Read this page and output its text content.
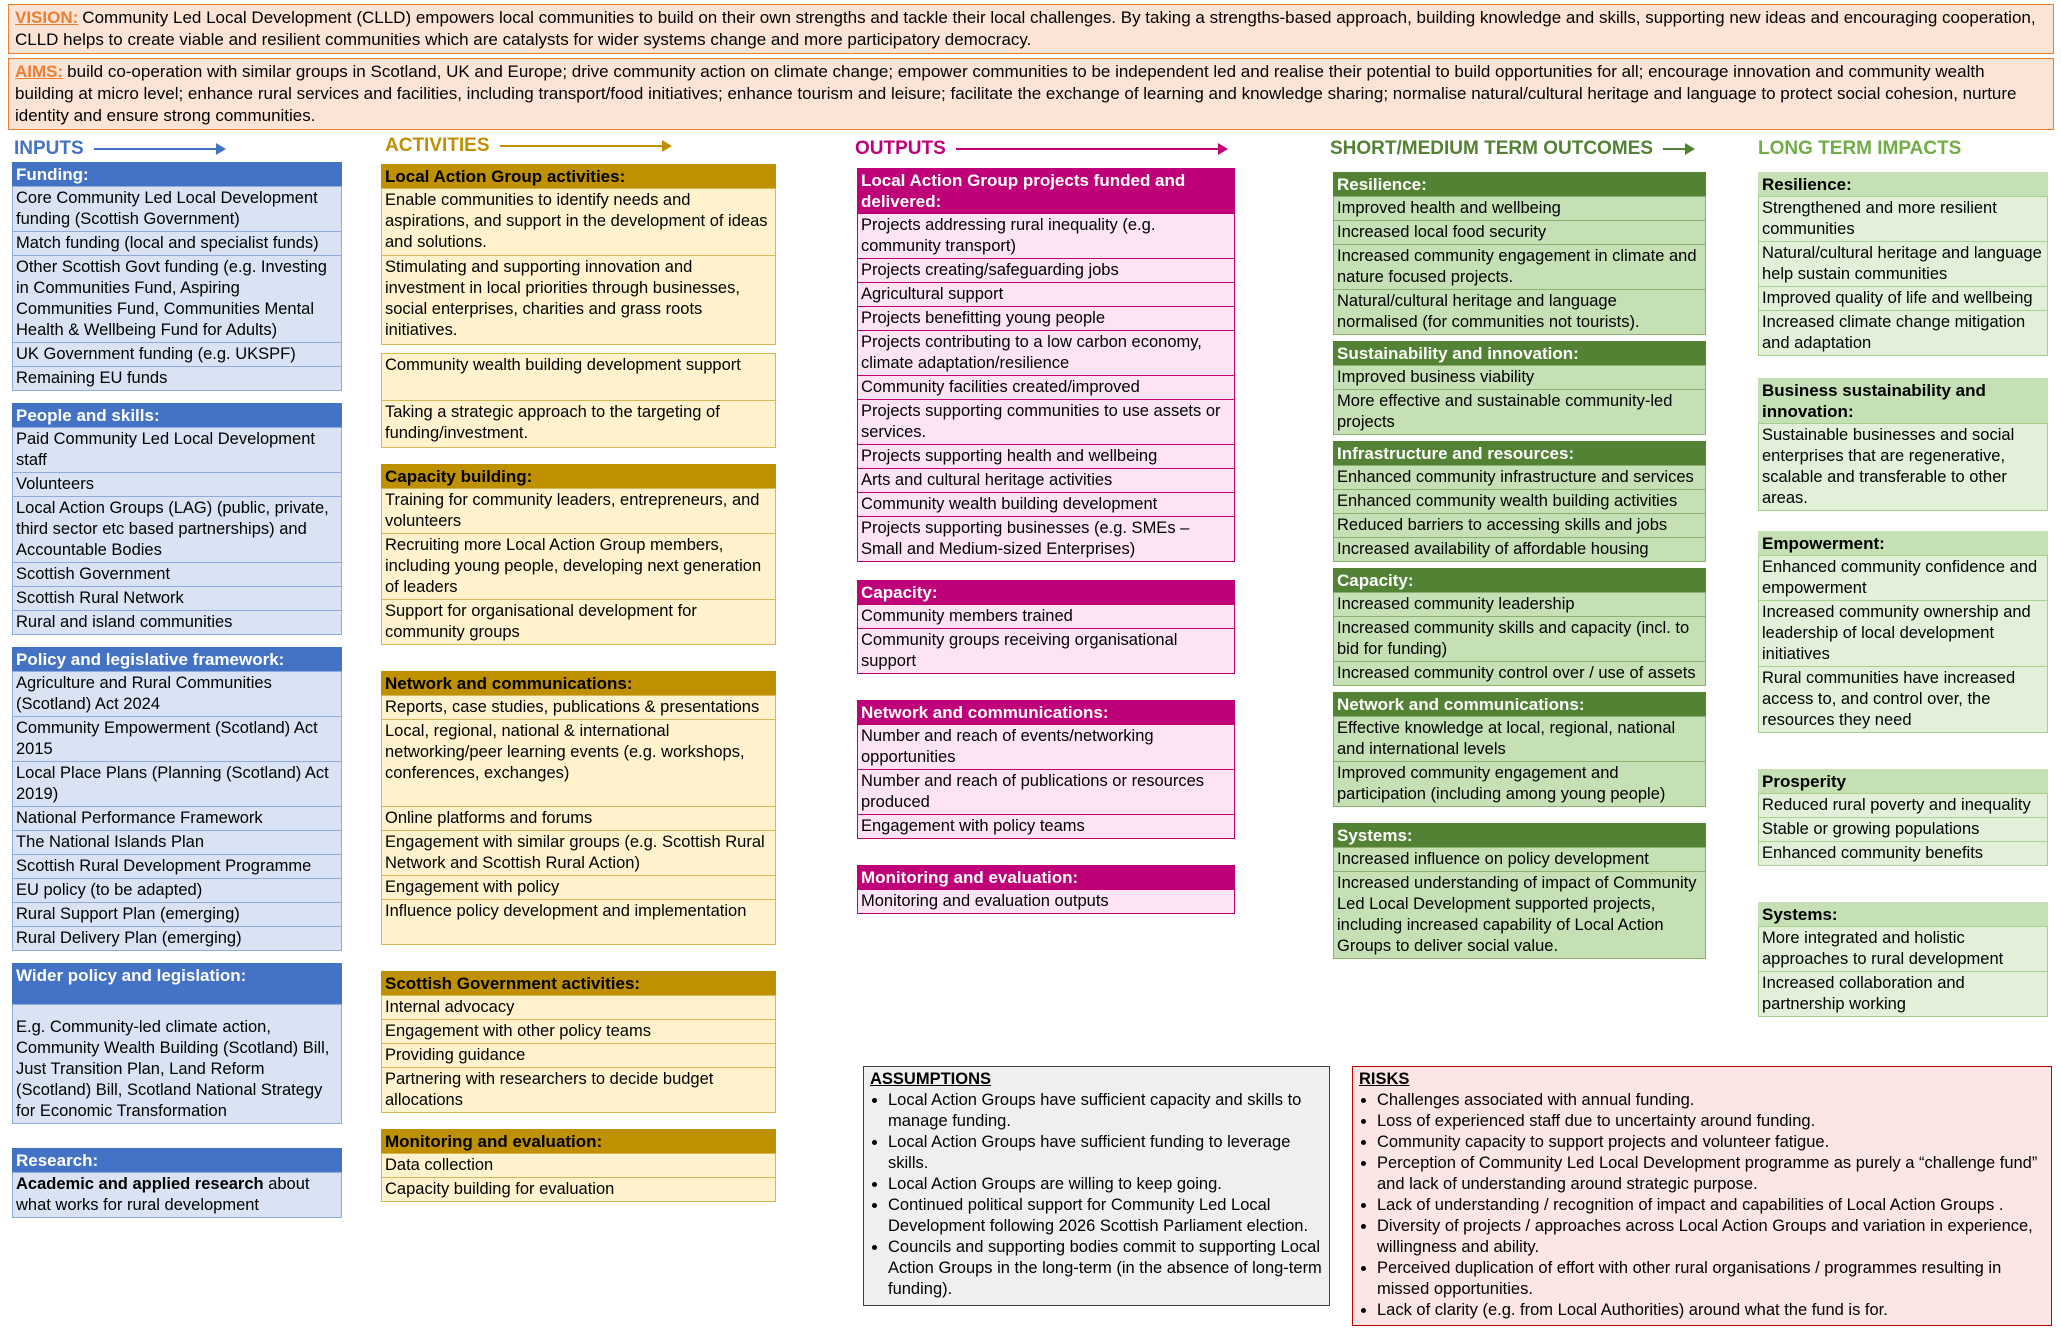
VISION: Community Led Local Development (CLLD) empowers local communities to build on their own strengths and tackle their local challenges. By taking a strengths-based approach, building knowledge and skills, supporting new ideas and encouraging cooperation, CLLD helps to create viable and resilient communities which are catalysts for wider systems change and more participatory democracy.
AIMS: build co-operation with similar groups in Scotland, UK and Europe; drive community action on climate change; empower communities to be independent led and realise their potential to build opportunities for all; encourage innovation and community wealth building at micro level; enhance rural services and facilities, including transport/food initiatives; enhance tourism and leisure; facilitate the exchange of learning and knowledge sharing; normalise natural/cultural heritage and language to protect social cohesion, nurture identity and ensure strong communities.
INPUTS	ACTIVITIES	OUTPUTS	SHORT/MEDIUM TERM OUTCOMES	LONG TERM IMPACTS
Funding:
Core Community Led Local Development funding (Scottish Government)
Match funding (local and specialist funds)
Other Scottish Govt funding (e.g. Investing in Communities Fund, Aspiring Communities Fund, Communities Mental Health & Wellbeing Fund for Adults)
UK Government funding (e.g. UKSPF)
Remaining EU funds
People and skills:
Paid Community Led Local Development staff
Volunteers
Local Action Groups (LAG) (public, private, third sector etc based partnerships) and Accountable Bodies
Scottish Government
Scottish Rural Network
Rural and island communities
Policy and legislative framework:
Agriculture and Rural Communities (Scotland) Act 2024
Community Empowerment (Scotland) Act 2015
Local Place Plans (Planning (Scotland) Act 2019)
National Performance Framework
The National Islands Plan
Scottish Rural Development Programme
EU policy (to be adapted)
Rural Support Plan (emerging)
Rural Delivery Plan (emerging)
Wider policy and legislation:
E.g. Community-led climate action, Community Wealth Building (Scotland) Bill, Just Transition Plan, Land Reform (Scotland) Bill, Scotland National Strategy for Economic Transformation
Research:
Academic and applied research about what works for rural development
Local Action Group activities:
Enable communities to identify needs and aspirations, and support in the development of ideas and solutions.
Stimulating and supporting innovation and investment in local priorities through businesses, social enterprises, charities and grass roots initiatives.
Community wealth building development support
Taking a strategic approach to the targeting of funding/investment.
Capacity building:
Training for community leaders, entrepreneurs, and volunteers
Recruiting more Local Action Group members, including young people, developing next generation of leaders
Support for organisational development for community groups
Network and communications:
Reports, case studies, publications & presentations
Local, regional, national & international networking/peer learning events (e.g. workshops, conferences, exchanges)
Online platforms and forums
Engagement with similar groups (e.g. Scottish Rural Network and Scottish Rural Action)
Engagement with policy
Influence policy development and implementation
Scottish Government activities:
Internal advocacy
Engagement with other policy teams
Providing guidance
Partnering with researchers to decide budget allocations
Monitoring and evaluation:
Data collection
Capacity building for evaluation
Local Action Group projects funded and delivered:
Projects addressing rural inequality (e.g. community transport)
Projects creating/safeguarding jobs
Agricultural support
Projects benefitting young people
Projects contributing to a low carbon economy, climate adaptation/resilience
Community facilities created/improved
Projects supporting communities to use assets or services.
Projects supporting health and wellbeing
Arts and cultural heritage activities
Community wealth building development
Projects supporting businesses (e.g. SMEs – Small and Medium-sized Enterprises)
Capacity:
Community members trained
Community groups receiving organisational support
Network and communications:
Number and reach of events/networking opportunities
Number and reach of publications or resources produced
Engagement with policy teams
Monitoring and evaluation:
Monitoring and evaluation outputs
Resilience:
Improved health and wellbeing
Increased local food security
Increased community engagement in climate and nature focused projects.
Natural/cultural heritage and language normalised (for communities not tourists).
Sustainability and innovation:
Improved business viability
More effective and sustainable community-led projects
Infrastructure and resources:
Enhanced community infrastructure and services
Enhanced community wealth building activities
Reduced barriers to accessing skills and jobs
Increased availability of affordable housing
Capacity:
Increased community leadership
Increased community skills and capacity (incl. to bid for funding)
Increased community control over / use of assets
Network and communications:
Effective knowledge at local, regional, national and international levels
Improved community engagement and participation (including among young people)
Systems:
Increased influence on policy development
Increased understanding of impact of Community Led Local Development supported projects, including increased capability of Local Action Groups to deliver social value.
Resilience:
Strengthened and more resilient communities
Natural/cultural heritage and language help sustain communities
Improved quality of life and wellbeing
Increased climate change mitigation and adaptation
Business sustainability and innovation:
Sustainable businesses and social enterprises that are regenerative, scalable and transferable to other areas.
Empowerment:
Enhanced community confidence and empowerment
Increased community ownership and leadership of local development initiatives
Rural communities have increased access to, and control over, the resources they need
Prosperity
Reduced rural poverty and inequality
Stable or growing populations
Enhanced community benefits
Systems:
More integrated and holistic approaches to rural development
Increased collaboration and partnership working
ASSUMPTIONS
• Local Action Groups have sufficient capacity and skills to manage funding.
• Local Action Groups have sufficient funding to leverage skills.
• Local Action Groups are willing to keep going.
• Continued political support for Community Led Local Development following 2026 Scottish Parliament election.
• Councils and supporting bodies commit to supporting Local Action Groups in the long-term (in the absence of long-term funding).
RISKS
• Challenges associated with annual funding.
• Loss of experienced staff due to uncertainty around funding.
• Community capacity to support projects and volunteer fatigue.
• Perception of Community Led Local Development programme as purely a “challenge fund” and lack of understanding around strategic purpose.
• Lack of understanding / recognition of impact and capabilities of Local Action Groups .
• Diversity of projects / approaches across Local Action Groups and variation in experience, willingness and ability.
• Perceived duplication of effort with other rural organisations / programmes resulting in missed opportunities.
• Lack of clarity (e.g. from Local Authorities) around what the fund is for.
